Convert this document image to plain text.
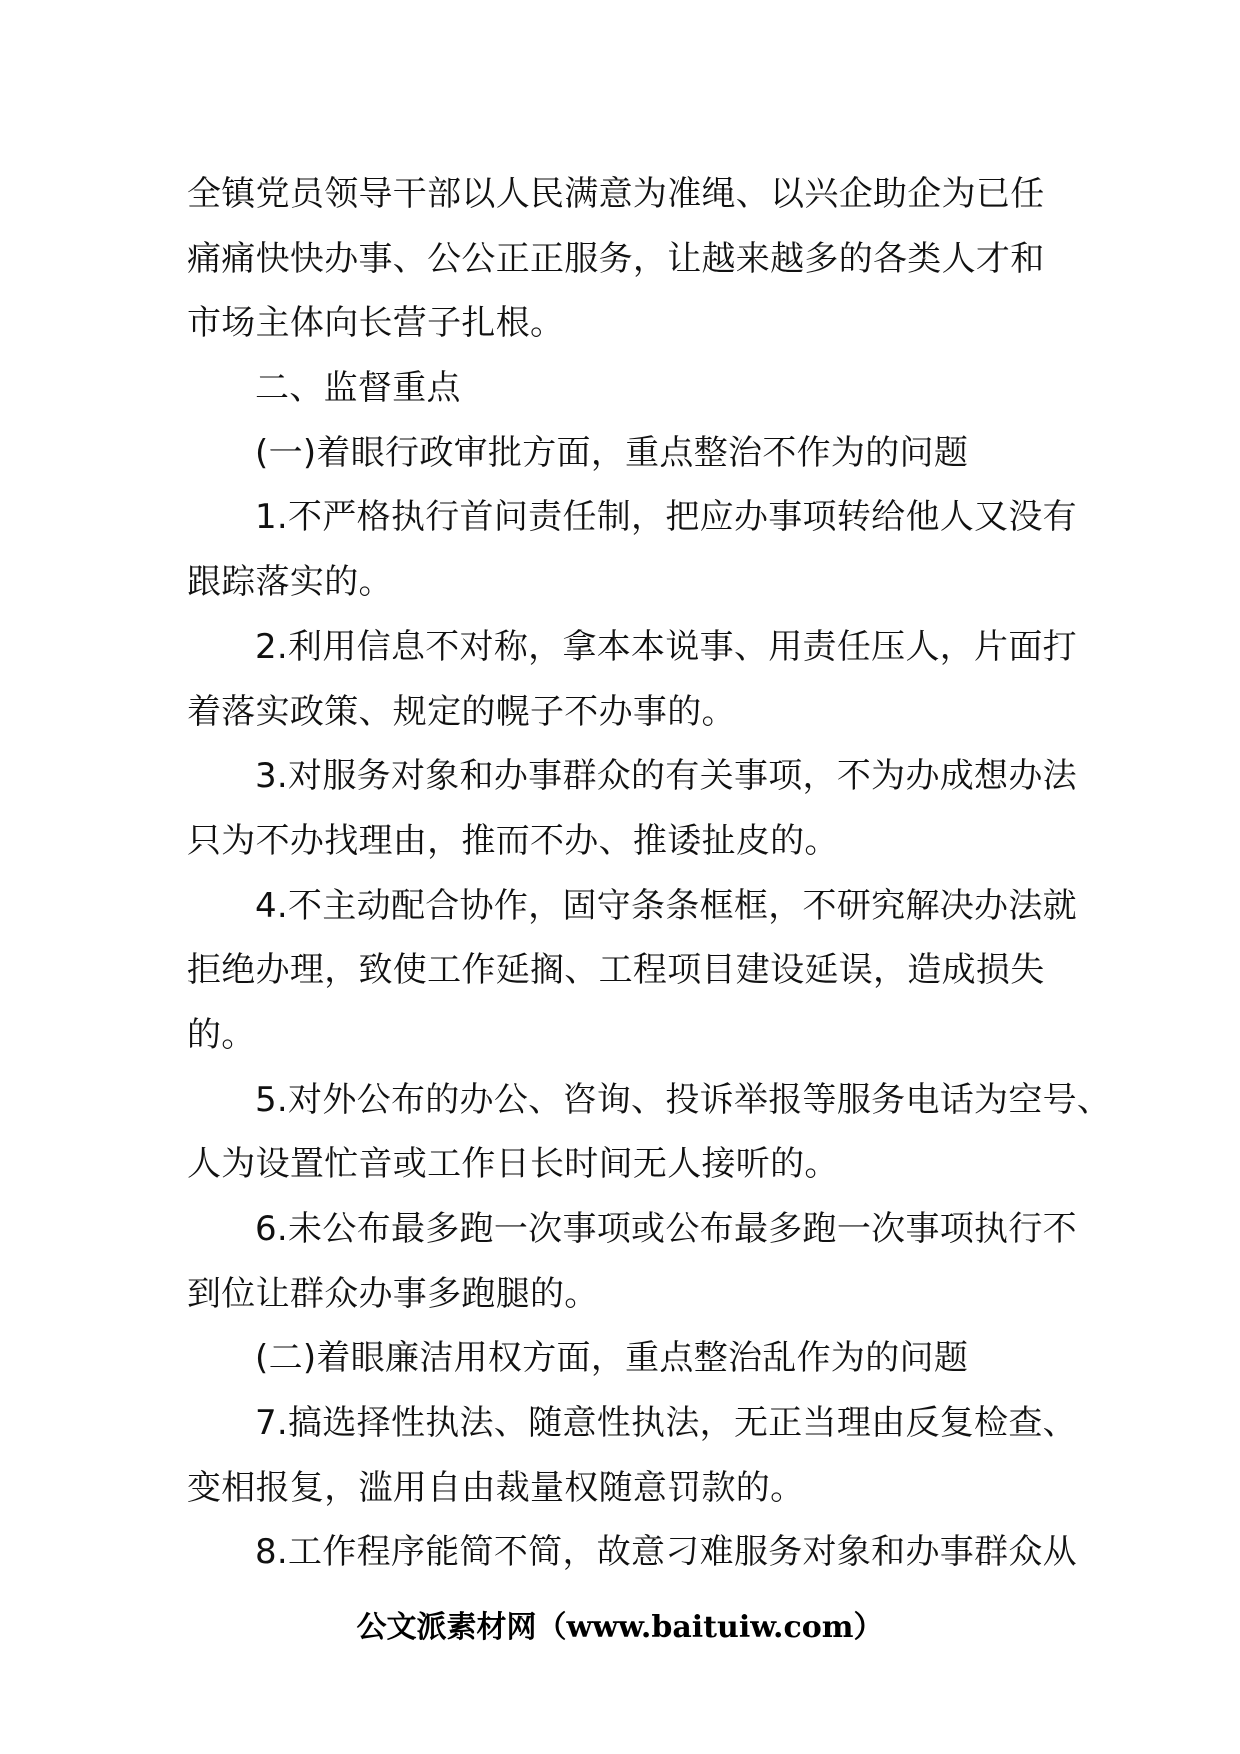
全镇党员领导干部以人民满意为准绳、以兴企助企为已任
痛痛快快办事、公公正正服务，让越来越多的各类人才和
市场主体向长营子扎根。
二、监督重点
(一)着眼行政审批方面，重点整治不作为的问题
1.不严格执行首问责任制，把应办事项转给他人又没有
跟踪落实的。
2.利用信息不对称，拿本本说事、用责任压人，片面打
着落实政策、规定的幌子不办事的。
3.对服务对象和办事群众的有关事项，不为办成想办法
只为不办找理由，推而不办、推诿扯皮的。
4.不主动配合协作，固守条条框框，不研究解决办法就
拒绝办理，致使工作延搁、工程项目建设延误，造成损失
的。
5.对外公布的办公、咨询、投诉举报等服务电话为空号、
人为设置忙音或工作日长时间无人接听的。
6.未公布最多跑一次事项或公布最多跑一次事项执行不
到位让群众办事多跑腿的。
(二)着眼廉洁用权方面，重点整治乱作为的问题
7.搞选择性执法、随意性执法，无正当理由反复检查、
变相报复，滥用自由裁量权随意罚款的。
8.工作程序能简不简，故意刁难服务对象和办事群众从
公文派素材网（www.baituiw.com）
